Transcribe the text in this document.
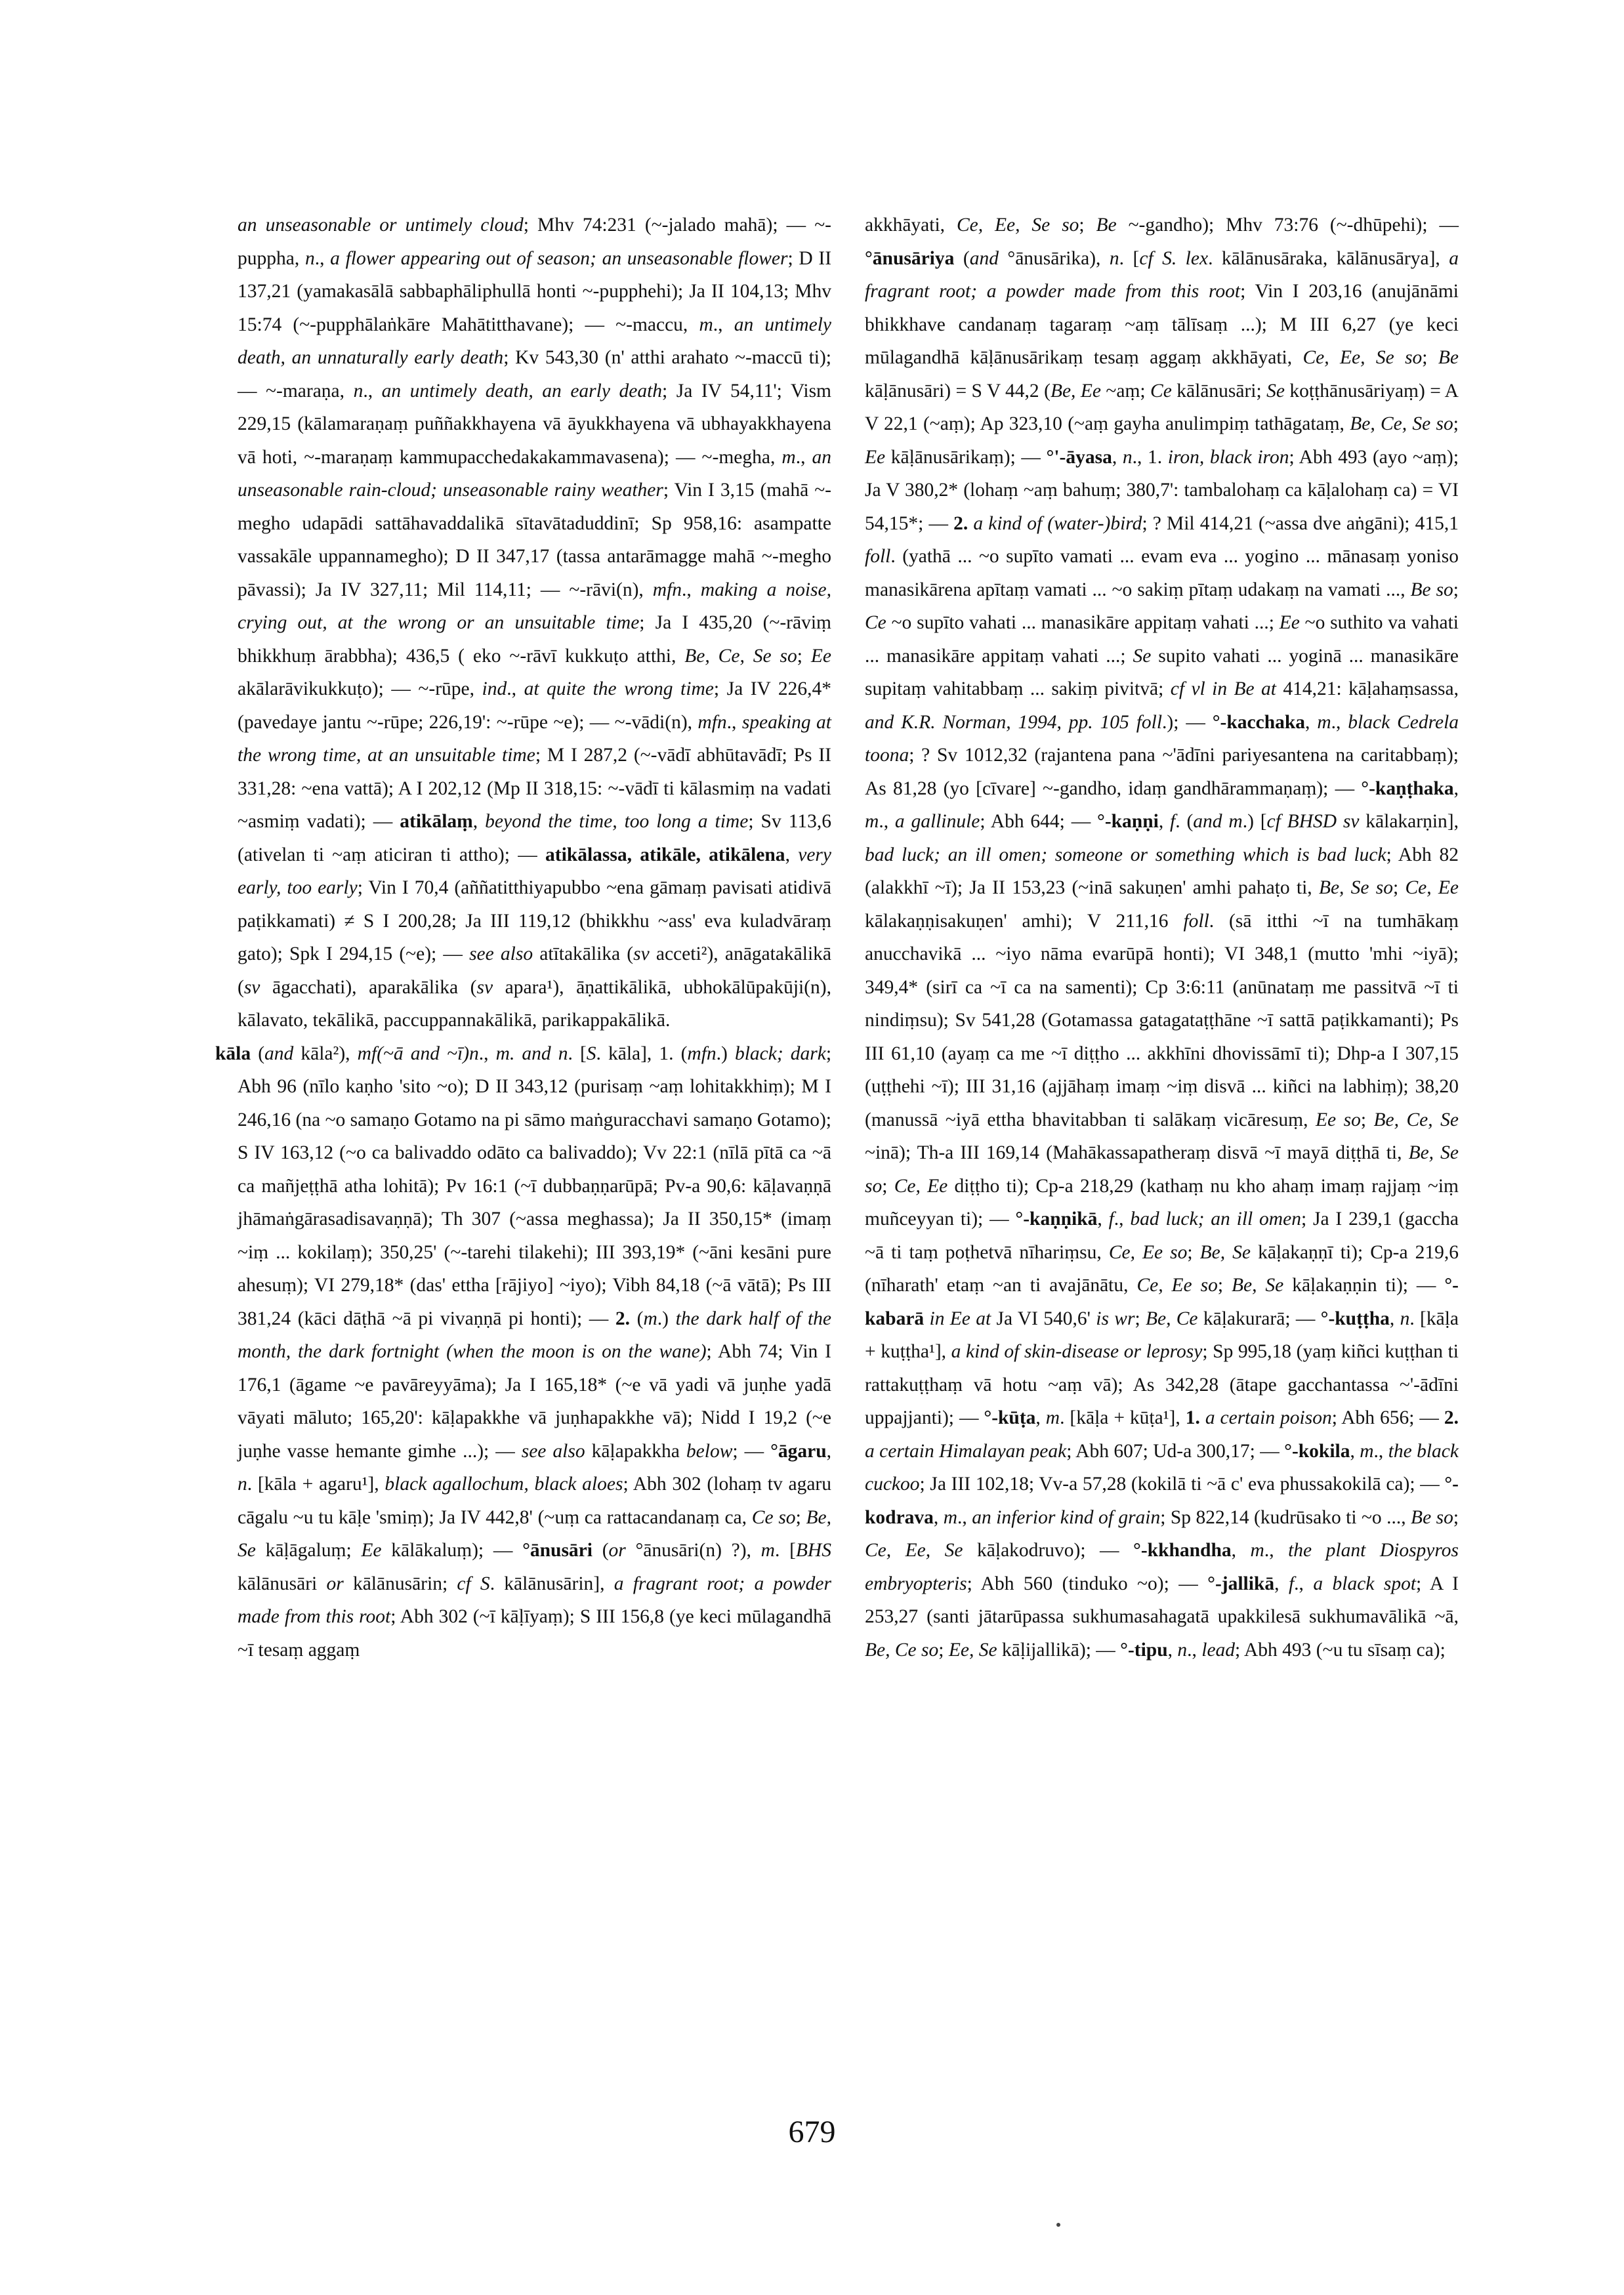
an unseasonable or untimely cloud; Mhv 74:231 (~-jalado mahā); — ~-puppha, n., a flower appearing out of season; an unseasonable flower; D II 137,21 (yamakasālā sabbaphāliphullā honti ~-pupphehi); Ja II 104,13; Mhv 15:74 (~-pupphālaṅkāre Mahātitthavane); — ~-maccu, m., an untimely death, an unnaturally early death; Kv 543,30 (n' atthi arahato ~-maccū ti); — ~-maraṇa, n., an untimely death, an early death; Ja IV 54,11'; Vism 229,15 (kālamaraṇaṃ puññakkhayena vā āyukkhayena vā ubhayakkhayena vā hoti, ~-maraṇaṃ kammupacchedakakammavasena); — ~-megha, m., an unseasonable rain-cloud; unseasonable rainy weather; Vin I 3,15 (mahā ~-megho udapādi sattāhavaddalikā sītavātaduddinī; Sp 958,16: asampatte vassakāle uppannamegho); D II 347,17 (tassa antarāmagge mahā ~-megho pāvassi); Ja IV 327,11; Mil 114,11; — ~-rāvi(n), mfn., making a noise, crying out, at the wrong or an unsuitable time; Ja I 435,20 (~-rāviṃ bhikkhuṃ ārabbha); 436,5 ( eko ~-rāvī kukkuṭo atthi, Be, Ce, Se so; Ee akālarāvikukkuṭo); — ~-rūpe, ind., at quite the wrong time; Ja IV 226,4* (pavedaye jantu ~-rūpe; 226,19': ~-rūpe ~e); — ~-vādi(n), mfn., speaking at the wrong time, at an unsuitable time; M I 287,2 (~-vādī abhūtavādī; Ps II 331,28: ~ena vattā); A I 202,12 (Mp II 318,15: ~-vādī ti kālasmiṃ na vadati ~asmiṃ vadati); — atikālaṃ, beyond the time, too long a time; Sv 113,6 (ativelan ti ~aṃ aticiran ti attho); — atikālassa, atikāle, atikālena, very early, too early; Vin I 70,4 (aññatitthiyapubbo ~ena gāmaṃ pavisati atidivā paṭikkamati) ≠ S I 200,28; Ja III 119,12 (bhikkhu ~ass' eva kuladvāraṃ gato); Spk I 294,15 (~e); — see also atītakālika (sv acceti²), anāgatakālikā (sv āgacchati), aparakālika (sv apara¹), āṇattikālikā, ubhokālūpakūji(n), kālavato, tekālikā, paccuppannakālikā, parikappakālikā.

kāla (and kāla²), mf(~ā and ~ī)n., m. and n. [S. kāla], 1. (mfn.) black; dark; Abh 96 (nīlo kaṇho 'sito ~o); D II 343,12 (purisaṃ ~aṃ lohitakkhiṃ); M I 246,16 (na ~o samaṇo Gotamo na pi sāmo maṅguracchavi samaṇo Gotamo); S IV 163,12 (~o ca balivaddo odāto ca balivaddo); Vv 22:1 (nīlā pītā ca ~ā ca mañjeṭṭhā atha lohitā); Pv 16:1 (~ī dubbaṇṇarūpā; Pv-a 90,6: kāḷavaṇṇā jhāmaṅgārasadisavaṇṇā); Th 307 (~assa meghassa); Ja II 350,15* (imaṃ ~iṃ ... kokilaṃ); 350,25' (~-tarehi tilakehi); III 393,19* (~āni kesāni pure ahesuṃ); VI 279,18* (das' ettha [rājiyo] ~iyo); Vibh 84,18 (~ā vātā); Ps III 381,24 (kāci dāṭhā ~ā pi vivaṇṇā pi honti); — 2. (m.) the dark half of the month, the dark fortnight (when the moon is on the wane); Abh 74; Vin I 176,1 (āgame ~e pavāreyyāma); Ja I 165,18* (~e vā yadi vā juṇhe yadā vāyati māluto; 165,20': kāḷapakkhe vā juṇhapakkhe vā); Nidd I 19,2 (~e juṇhe vasse hemante gimhe ...); — see also kāḷapakkha below; — °āgaru, n. [kāla + agaru¹], black agallochum, black aloes; Abh 302 (lohaṃ tv agaru cāgalu ~u tu kāḷe 'smiṃ); Ja IV 442,8' (~uṃ ca rattacandanaṃ ca, Ce so; Be, Se kāḷāgaluṃ; Ee kālākaluṃ); — °ānusāri (or °ānusāri(n) ?), m. [BHS kālānusāri or kālānusārin; cf S. kālānusārin], a fragrant root; a powder made from this root; Abh 302 (~ī kāḷīyaṃ); S III 156,8 (ye keci mūlagandhā ~ī tesaṃ aggaṃ

akkhāyati, Ce, Ee, Se so; Be ~-gandho); Mhv 73:76 (~-dhūpehi); — °ānusāriya (and °ānusārika), n. [cf S. lex. kālānusāraka, kālānusārya], a fragrant root; a powder made from this root; Vin I 203,16 (anujānāmi bhikkhave candanaṃ tagaraṃ ~aṃ tālīsaṃ ...); M III 6,27 (ye keci mūlagandhā kāḷānusārikaṃ tesaṃ aggaṃ akkhāyati, Ce, Ee, Se so; Be kāḷānusāri) = S V 44,2 (Be, Ee ~aṃ; Ce kālānusāri; Se koṭṭhānusāriyaṃ) = A V 22,1 (~aṃ); Ap 323,10 (~aṃ gayha anulimpiṃ tathāgataṃ, Be, Ce, Se so; Ee kāḷānusārikaṃ); — °'-āyasa, n., 1. iron, black iron; Abh 493 (ayo ~aṃ); Ja V 380,2* (lohaṃ ~aṃ bahuṃ; 380,7': tambalohaṃ ca kāḷalohaṃ ca) = VI 54,15*; — 2. a kind of (water-)bird; ? Mil 414,21 (~assa dve aṅgāni); 415,1 foll. (yathā ... ~o supīto vamati ... evam eva ... yogino ... mānasaṃ yoniso manasikārena apītaṃ vamati ... ~o sakiṃ pītaṃ udakaṃ na vamati ..., Be so; Ce ~o supīto vahati ... manasikāre appitaṃ vahati ...; Ee ~o suthito va vahati ... manasikāre appitaṃ vahati ...; Se supito vahati ... yoginā ... manasikāre supitaṃ vahitabbaṃ ... sakiṃ pivitvā; cf vl in Be at 414,21: kāḷahaṃsassa, and K.R. Norman, 1994, pp. 105 foll.); — °-kacchaka, m., black Cedrela toona; ? Sv 1012,32 (rajantena pana ~'ādīni pariyesantena na caritabbaṃ); As 81,28 (yo [cīvare] ~-gandho, idaṃ gandhārammaṇaṃ); — °-kaṇṭhaka, m., a gallinule; Abh 644; — °-kaṇṇi, f. (and m.) [cf BHSD sv kālakarṇin], bad luck; an ill omen; someone or something which is bad luck; Abh 82 (alakkhī ~ī); Ja II 153,23 (~inā sakuṇen' amhi pahaṭo ti, Be, Se so; Ce, Ee kālakaṇṇisakuṇen' amhi); V 211,16 foll. (sā itthi ~ī na tumhākaṃ anucchavikā ... ~iyo nāma evarūpā honti); VI 348,1 (mutto 'mhi ~iyā); 349,4* (sirī ca ~ī ca na samenti); Cp 3:6:11 (anūnataṃ me passitvā ~ī ti nindiṃsu); Sv 541,28 (Gotamassa gatagataṭṭhāne ~ī sattā paṭikkamanti); Ps III 61,10 (ayaṃ ca me ~ī diṭṭho ... akkhīni dhovissāmī ti); Dhp-a I 307,15 (uṭṭhehi ~ī); III 31,16 (ajjāhaṃ imaṃ ~iṃ disvā ... kiñci na labhiṃ); 38,20 (manussā ~iyā ettha bhavitabban ti salākaṃ vicāresuṃ, Ee so; Be, Ce, Se ~inā); Th-a III 169,14 (Mahākassapatheraṃ disvā ~ī mayā diṭṭhā ti, Be, Se so; Ce, Ee diṭṭho ti); Cp-a 218,29 (kathaṃ nu kho ahaṃ imaṃ rajjaṃ ~iṃ muñceyyan ti); — °-kaṇṇikā, f., bad luck; an ill omen; Ja I 239,1 (gaccha ~ā ti taṃ poṭhetvā nīhariṃsu, Ce, Ee so; Be, Se kāḷakaṇṇī ti); Cp-a 219,6 (nīharath' etaṃ ~an ti avajānātu, Ce, Ee so; Be, Se kāḷakaṇṇin ti); — °-kabarā in Ee at Ja VI 540,6' is wr; Be, Ce kāḷakurarā; — °-kuṭṭha, n. [kāḷa + kuṭṭha¹], a kind of skin-disease or leprosy; Sp 995,18 (yaṃ kiñci kuṭṭhan ti rattakuṭṭhaṃ vā hotu ~aṃ vā); As 342,28 (ātape gacchantassa ~'-ādīni uppajjanti); — °-kūṭa, m. [kāḷa + kūṭa¹], 1. a certain poison; Abh 656; — 2. a certain Himalayan peak; Abh 607; Ud-a 300,17; — °-kokila, m., the black cuckoo; Ja III 102,18; Vv-a 57,28 (kokilā ti ~ā c' eva phussakokilā ca); — °-kodrava, m., an inferior kind of grain; Sp 822,14 (kudrūsako ti ~o ..., Be so; Ce, Ee, Se kāḷakodruvo); — °-kkhandha, m., the plant Diospyros embryopteris; Abh 560 (tinduko ~o); — °-jallikā, f., a black spot; A I 253,27 (santi jātarūpassa sukhumasahagatā upakkilesā sukhumavālikā ~ā, Be, Ce so; Ee, Se kāḷijallikā); — °-tipu, n., lead; Abh 493 (~u tu sīsaṃ ca);

679
